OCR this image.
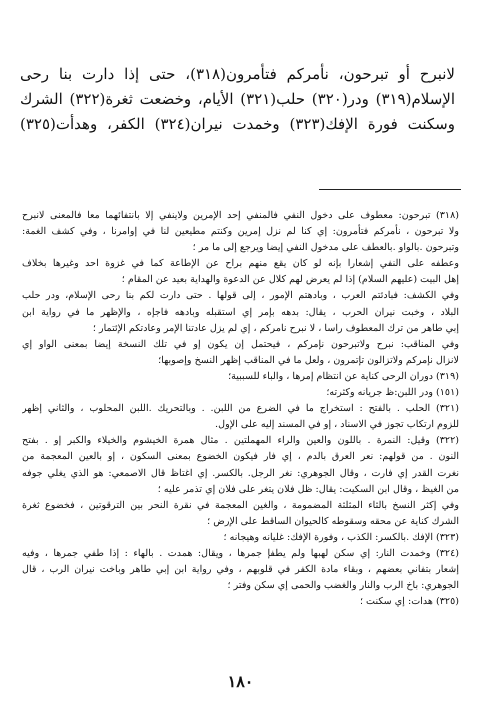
لانبرح أو تبرحون، نأمركم فتأمرون(٣١٨)، حتى إذا دارت بنا رحى
الإسلام(٣١٩) ودر(٣٢٠) حلب(٣٢١) الأيام، وخضعت ثغرة(٣٢٢) الشرك
وسكنت فورة الإفك(٣٢٣) وخمدت نيران(٣٢٤) الكفر، وهدأت(٣٢٥)
(٣١٨) تبرحون: معطوف على دخول النفي فالمنفي إحد الإمرين ولاينفي إلا بانتفائهما معا فالمعنى لانبرح
ولا تبرحون ، نأمركم فتأمرون: إي كنا لم نزل إمرين وكنتم مطيعين لنا في إوامرنا ، وفي كشف الغمة:
وتبرحون .بالواو .بالعطف على مدخول النفي إيضا ويرجع إلى ما مر ؛
وعطفه على النفي إشعارا بإنه لو كان يقع منهم براح عن الإطاعة كما في غزوة احد وغيرها بخلاف
إهل البيت (عليهم السلام) إذا لم يعرض لهم كلال عن الدعوة والهداية بعيد عن المقام ؛
وفي الكشف: فبادئتم العرب ، وبادهتم الإمور ، إلى قولها . حتى دارت لكم بنا رحى الإسلام، ودر حلب
البلاد ، وخبت نيران الحرب ، يقال: بدهه بإمر إي استقبله وبادهه فاجإه ، والإظهر ما في رواية ابن
إبي طاهر من ترك المعطوف راسا ، لا نبرح نامركم ، إي لم يزل عادتنا الإمر وعادتكم الإئتمار ؛
وفي المناقب: نبرح ولاتبرحون نإمركم ، فيحتمل إن يكون إو في تلك النسخة إيضا بمعنى الواو إي
لانزال نإمركم ولاتزالون تإتمرون ، ولعل ما في المناقب إظهر النسخ وإصوبها؛
(٣١٩) دوران الرحى كناية عن انتظام إمرها ، والباء للسببية؛
(١٥١) ودر اللبن:ظ جريانه وكثرته؛
(٣٢١) الحلب . بالفتح : استخراج ما في الضرع من اللبن. . وبالتحريك .اللبن المحلوب ، والثاني إظهر
للزوم ارتكاب تجوز في الاسناد ، إو في المسند إليه على الإول.
(٣٢٢) وقيل: النمرة . باللون والعين والراء المهملتين . مثال همرة الخيشوم والخيلاء والكبر إو . بفتح
النون . من قولهم: نعر العرق بالدم ، إي فار فيكون الخضوع بمعنى السكون ، إو بالعين المعجمة من
نغرت القدر إي فارت ، وقال الجوهري: نغر الرجل. بالكسر. إي اغتاظ قال الاصمعي: هو الذي يغلي جوفه
من الغيظ ، وقال ابن السكيت: يقال: ظل فلان يتغر على فلان إي تذمر عليه ؛
وفي إكثر النسخ بالثاء المثلثة المضمومة ، والغين المعجمة في نقرة النحر بين الترقوتين ، فخضوع ثغرة
الشرك كناية عن محقه وسقوطه كالحيوان الساقط على الإرض ؛
(٣٢٣) الإفك .بالكسر: الكذب ، وفورة الإفك: غليانه وهيجانه ؛
(٣٢٤) وخمدت النار: إي سكن لهبها ولم يطفإ جمرها ، ويقال: همدت . بالهاء : إذا طفي جمرها ، وفيه
إشعار بتفاني بعضهم ، وبقاء مادة الكفر في قلوبهم ، وفي رواية ابن إبي طاهر وباخت نيران الرب ، قال
الجوهري: باخ الرب والنار والغضب والحمى إي سكن وفتر ؛
(٣٢٥) هدات: إي سكنت ؛
١٨٠
